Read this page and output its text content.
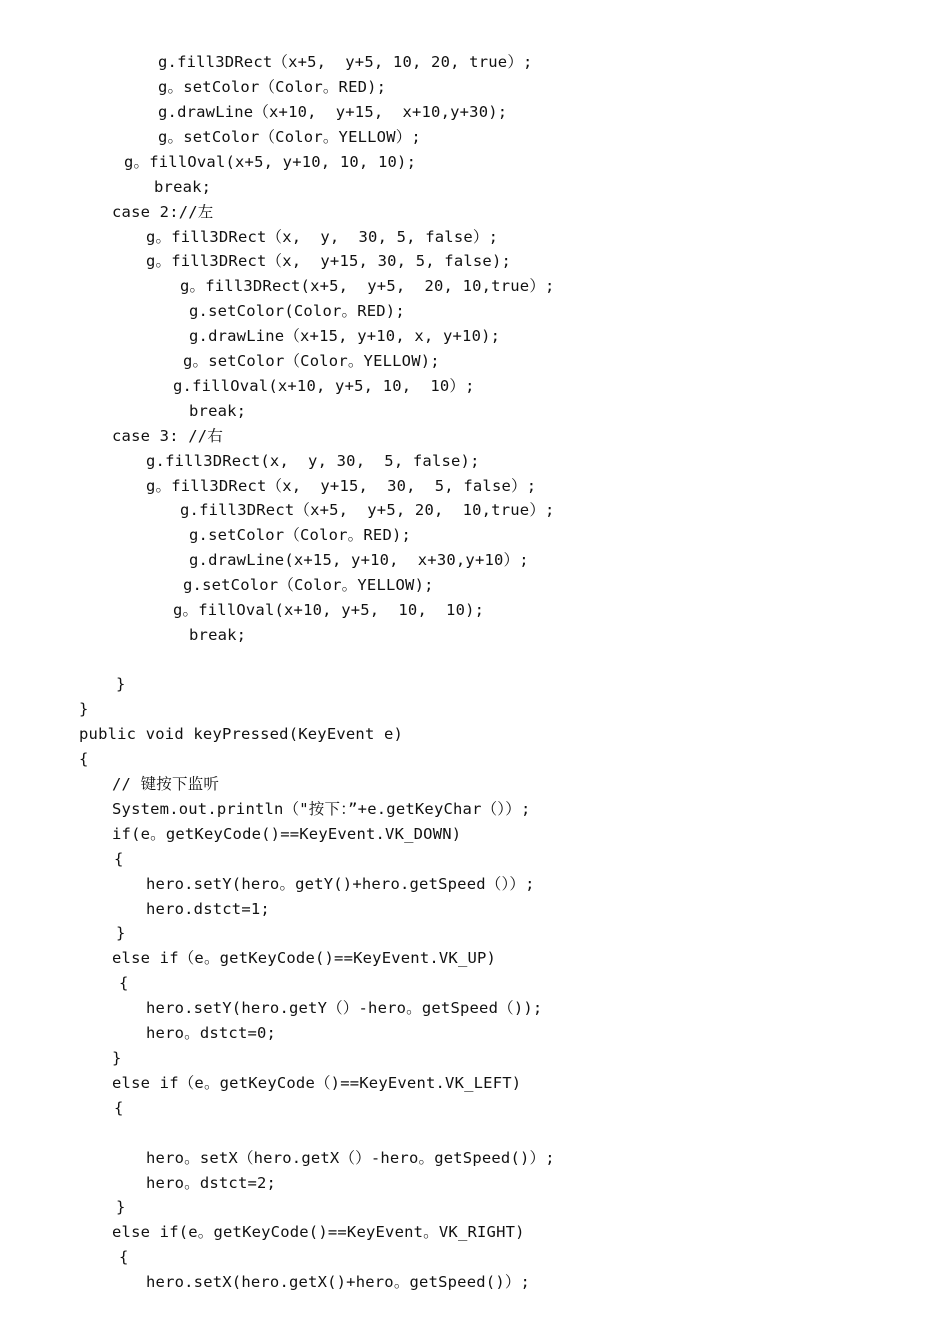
g.fill3DRect（x+5,  y+5, 10, 20, true）;
g。setColor（Color。RED);
g.drawLine（x+10,  y+15,  x+10,y+30);
g。setColor（Color。YELLOW）;
g。fillOval(x+5, y+10, 10, 10);
break;
case 2://左
g。fill3DRect（x,  y,  30, 5, false）;
g。fill3DRect（x,  y+15, 30, 5, false);
g。fill3DRect(x+5,  y+5,  20, 10,true）;
g.setColor(Color。RED);
g.drawLine（x+15, y+10, x, y+10);
g。setColor（Color。YELLOW);
g.fillOval(x+10, y+5, 10,  10）;
break;
case 3: //右
g.fill3DRect(x,  y, 30,  5, false);
g。fill3DRect（x,  y+15,  30,  5, false）;
g.fill3DRect（x+5,  y+5, 20,  10,true）;
g.setColor（Color。RED);
g.drawLine(x+15, y+10,  x+30,y+10）;
g.setColor（Color。YELLOW);
g。fillOval(x+10, y+5,  10,  10);
break;
}
}
public void keyPressed(KeyEvent e)
{
// 键按下监听
System.out.println（"按下：”+e.getKeyChar（））;
if(e。getKeyCode()==KeyEvent.VK_DOWN)
{
hero.setY(hero。getY()+hero.getSpeed（））;
hero.dstct=1;
}
else if（e。getKeyCode()==KeyEvent.VK_UP)
{
hero.setY(hero.getY（）-hero。getSpeed（));
hero。dstct=0;
}
else if（e。getKeyCode（)==KeyEvent.VK_LEFT)
{
hero。setX（hero.getX（）-hero。getSpeed()）;
hero。dstct=2;
}
else if(e。getKeyCode()==KeyEvent。VK_RIGHT)
{
hero.setX(hero.getX()+hero。getSpeed()）;
